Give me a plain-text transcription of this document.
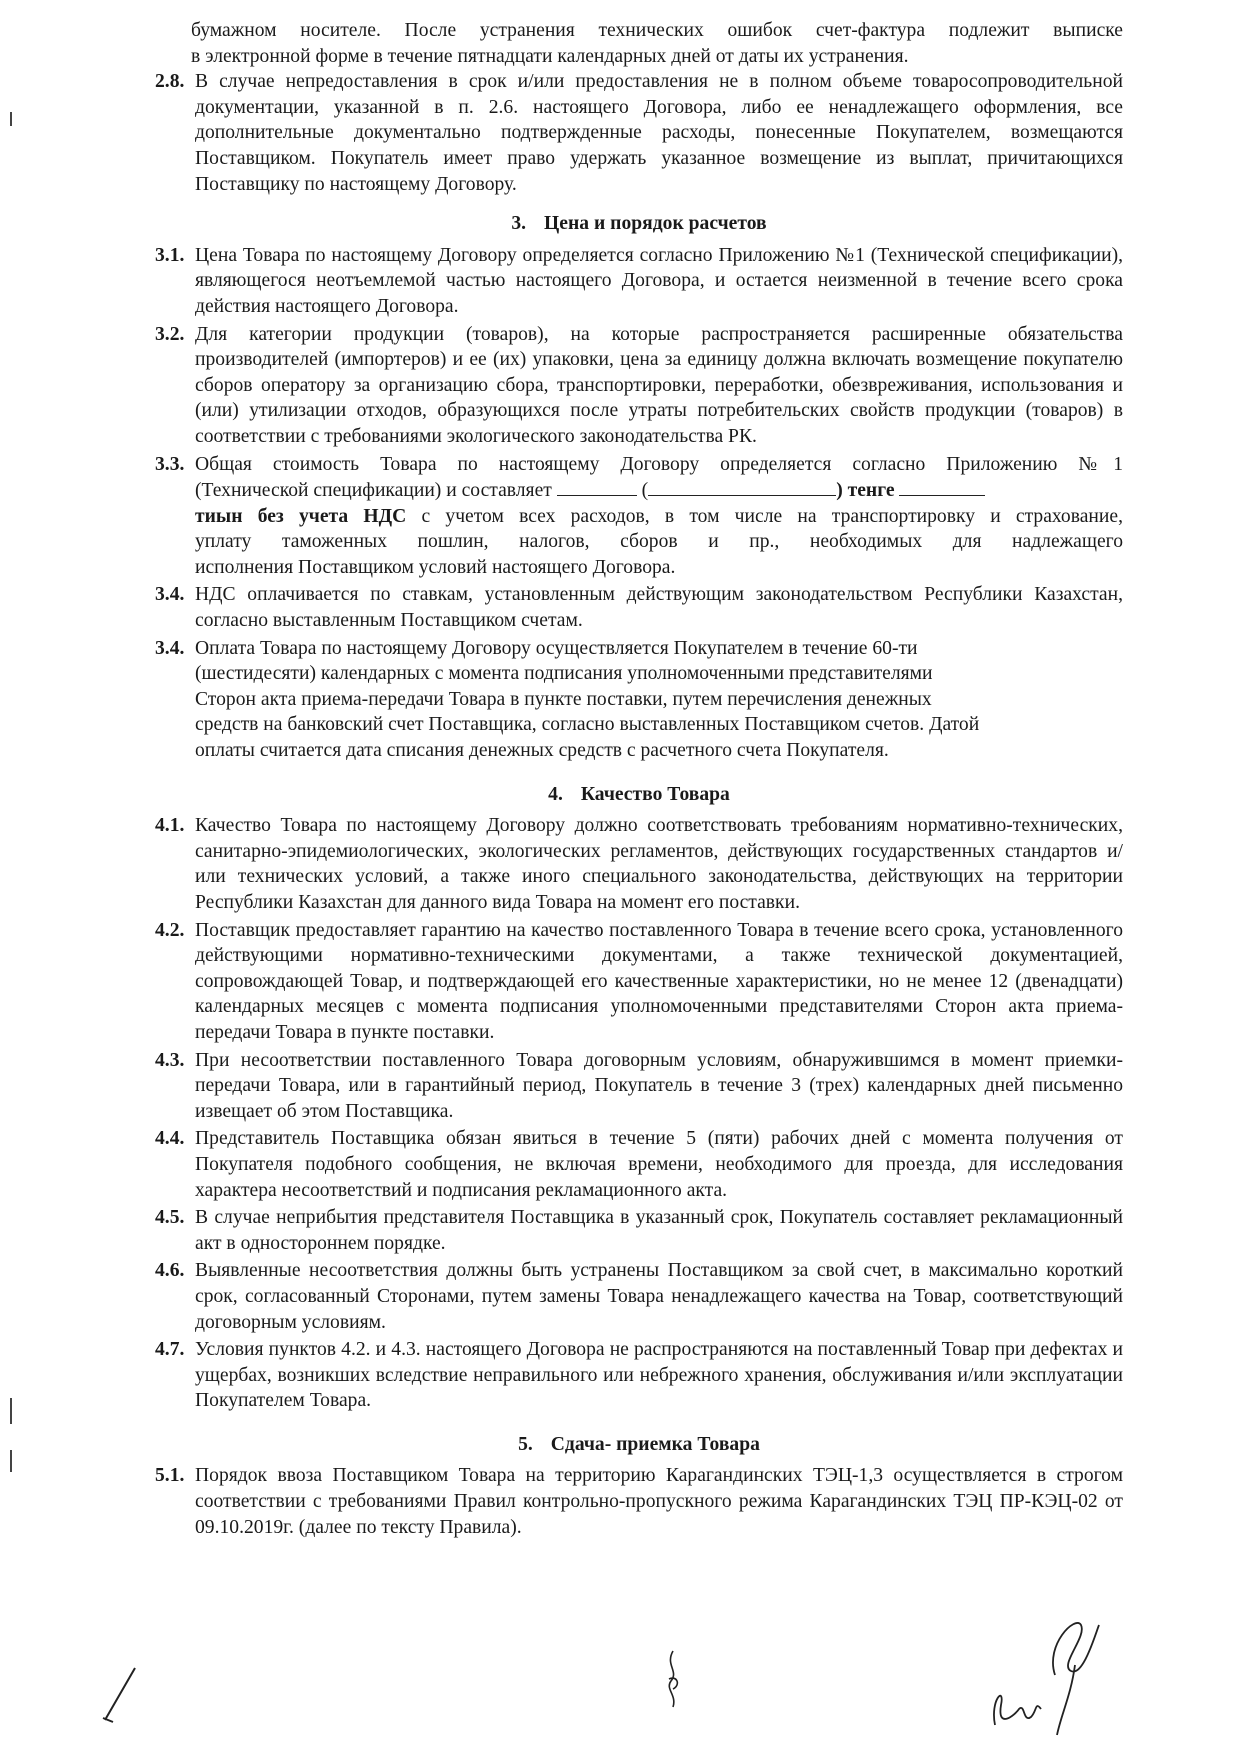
бумажном носителе. После устранения технических ошибок счет-фактура подлежит выписке
в электронной форме в течение пятнадцати календарных дней от даты их устранения.
2.8. В случае непредоставления в срок и/или предоставления не в полном объеме товаросопроводительной документации, указанной в п. 2.6. настоящего Договора, либо ее ненадлежащего оформления, все дополнительные документально подтвержденные расходы, понесенные Покупателем, возмещаются Поставщиком. Покупатель имеет право удержать указанное возмещение из выплат, причитающихся Поставщику по настоящему Договору.
3. Цена и порядок расчетов
3.1. Цена Товара по настоящему Договору определяется согласно Приложению №1 (Технической спецификации), являющегося неотъемлемой частью настоящего Договора, и остается неизменной в течение всего срока действия настоящего Договора.
3.2. Для категории продукции (товаров), на которые распространяется расширенные обязательства производителей (импортеров) и ее (их) упаковки, цена за единицу должна включать возмещение покупателю сборов оператору за организацию сбора, транспортировки, переработки, обезвреживания, использования и (или) утилизации отходов, образующихся после утраты потребительских свойств продукции (товаров) в соответствии с требованиями экологического законодательства РК.
3.3. Общая стоимость Товара по настоящему Договору определяется согласно Приложению №1
(Технической спецификации) и составляет	(	) тенге
тиын без учета НДС с учетом всех расходов, в том числе на транспортировку и страхование,
уплату таможенных пошлин, налогов, сборов и пр., необходимых для надлежащего
исполнения Поставщиком условий настоящего Договора.
3.4. НДС оплачивается по ставкам, установленным действующим законодательством Республики Казахстан, согласно выставленным Поставщиком счетам.
3.4. Оплата Товара по настоящему Договору осуществляется Покупателем в течение 60-ти
(шестидесяти) календарных с момента подписания уполномоченными представителями
Сторон акта приема-передачи Товара в пункте поставки, путем перечисления денежных
средств на банковский счет Поставщика, согласно выставленных Поставщиком счетов. Датой
оплаты считается дата списания денежных средств с расчетного счета Покупателя.
4. Качество Товара
4.1. Качество Товара по настоящему Договору должно соответствовать требованиям нормативно-технических, санитарно-эпидемиологических, экологических регламентов, действующих государственных стандартов и/или технических условий, а также иного специального законодательства, действующих на территории Республики Казахстан для данного вида Товара на момент его поставки.
4.2. Поставщик предоставляет гарантию на качество поставленного Товара в течение всего срока, установленного действующими нормативно-техническими документами, а также технической документацией, сопровождающей Товар, и подтверждающей его качественные характеристики, но не менее 12 (двенадцати) календарных месяцев с момента подписания уполномоченными представителями Сторон акта приема-передачи Товара в пункте поставки.
4.3. При несоответствии поставленного Товара договорным условиям, обнаружившимся в момент приемки-передачи Товара, или в гарантийный период, Покупатель в течение 3 (трех) календарных дней письменно извещает об этом Поставщика.
4.4. Представитель Поставщика обязан явиться в течение 5 (пяти) рабочих дней с момента получения от Покупателя подобного сообщения, не включая времени, необходимого для проезда, для исследования характера несоответствий и подписания рекламационного акта.
4.5. В случае неприбытия представителя Поставщика в указанный срок, Покупатель составляет рекламационный акт в одностороннем порядке.
4.6. Выявленные несоответствия должны быть устранены Поставщиком за свой счет, в максимально короткий срок, согласованный Сторонами, путем замены Товара ненадлежащего качества на Товар, соответствующий договорным условиям.
4.7. Условия пунктов 4.2. и 4.3. настоящего Договора не распространяются на поставленный Товар при дефектах и ущербах, возникших вследствие неправильного или небрежного хранения, обслуживания и/или эксплуатации Покупателем Товара.
5. Сдача- приемка Товара
5.1. Порядок ввоза Поставщиком Товара на территорию Карагандинских ТЭЦ-1,3 осуществляется в строгом соответствии с требованиями Правил контрольно-пропускного режима Карагандинских ТЭЦ ПР-КЭЦ-02 от 09.10.2019г. (далее по тексту Правила).
